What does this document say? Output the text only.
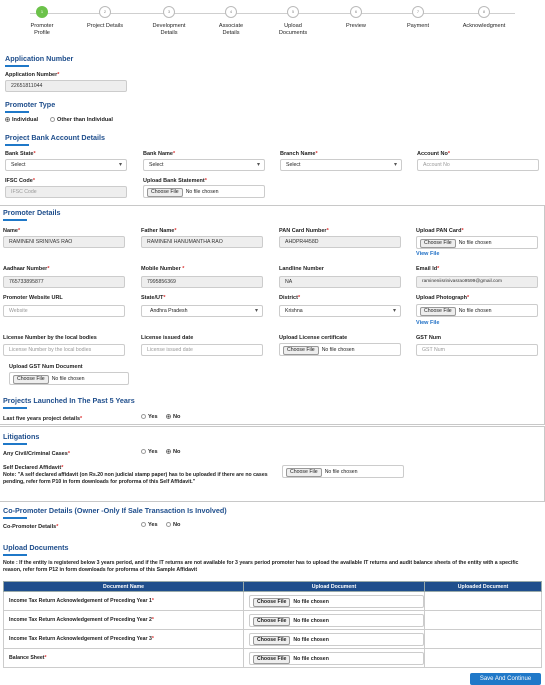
1
Promoter
Profile
2
Project Details
3
Development
Details
4
Associate
Details
5
Upload
Documents
6
Preview
7
Payment
8
Acknowledgment
Application Number
Application Number*
22651811044
Promoter Type
Individual	Other than Individual
Project Bank Account Details
Bank State*
Select ▾
Bank Name*
Select ▾
Branch Name*
Select ▾
Account No*
Account No
IFSC Code*
IFSC Code
Upload Bank Statement*
Choose File No file chosen
Promoter Details
Name*
RAMINENI SRINIVAS RAO
Father Name*
RAMINENI HANUMANTHA RAO
PAN Card Number*
AHDPR4458D
Upload PAN Card*
Choose File No file chosen
View File
Aadhaar Number*
765733895877
Mobile Number *
7995856369
Landline Number
NA
Email Id*
ramineniisrinivasrao9599@gmail.com
Promoter Website URL
Website
State/UT*
Andhra Pradesh ▾
District*
Krishna ▾
Upload Photograph*
Choose File No file chosen
View File
License Number by the local bodies
License Number by the local bodies
License issued date
License issued date
Upload License certificate
Choose File No file chosen
GST Num
GST Num
Upload GST Num Document
Choose File No file chosen
Projects Launched In The Past 5 Years
Last five years project details*	Yes	No
Litigations
Any Civil/Criminal Cases*	Yes	No
Self Declared Affidavit*
Note: "A self declared affidavit (on Rs.20 non judicial stamp paper) has to be uploaded if there are no cases pending, refer form P10 in form downloads for proforma of this Self Affidavit."
Choose File No file chosen
Co-Promoter Details (Owner -Only If Sale Transaction Is Involved)
Co-Promoter Details*	Yes	No
Upload Documents
Note : If the entity is registered below 3 years period, and if the IT returns are not available for 3 years period promoter has to upload the available IT returns and audit balance sheets of the entity with a specific reason, refer form P12 in form downloads for proforma of this Sample Affidavit
Document Name	Upload Document	Uploaded Document
Income Tax Return Acknowledgement of Preceding Year 1*	Choose File No file chosen	

Income Tax Return Acknowledgement of Preceding Year 2*	Choose File No file chosen	

Income Tax Return Acknowledgement of Preceding Year 3*	Choose File No file chosen	

Balance Sheet*	Choose File No file chosen	

Save And Continue
